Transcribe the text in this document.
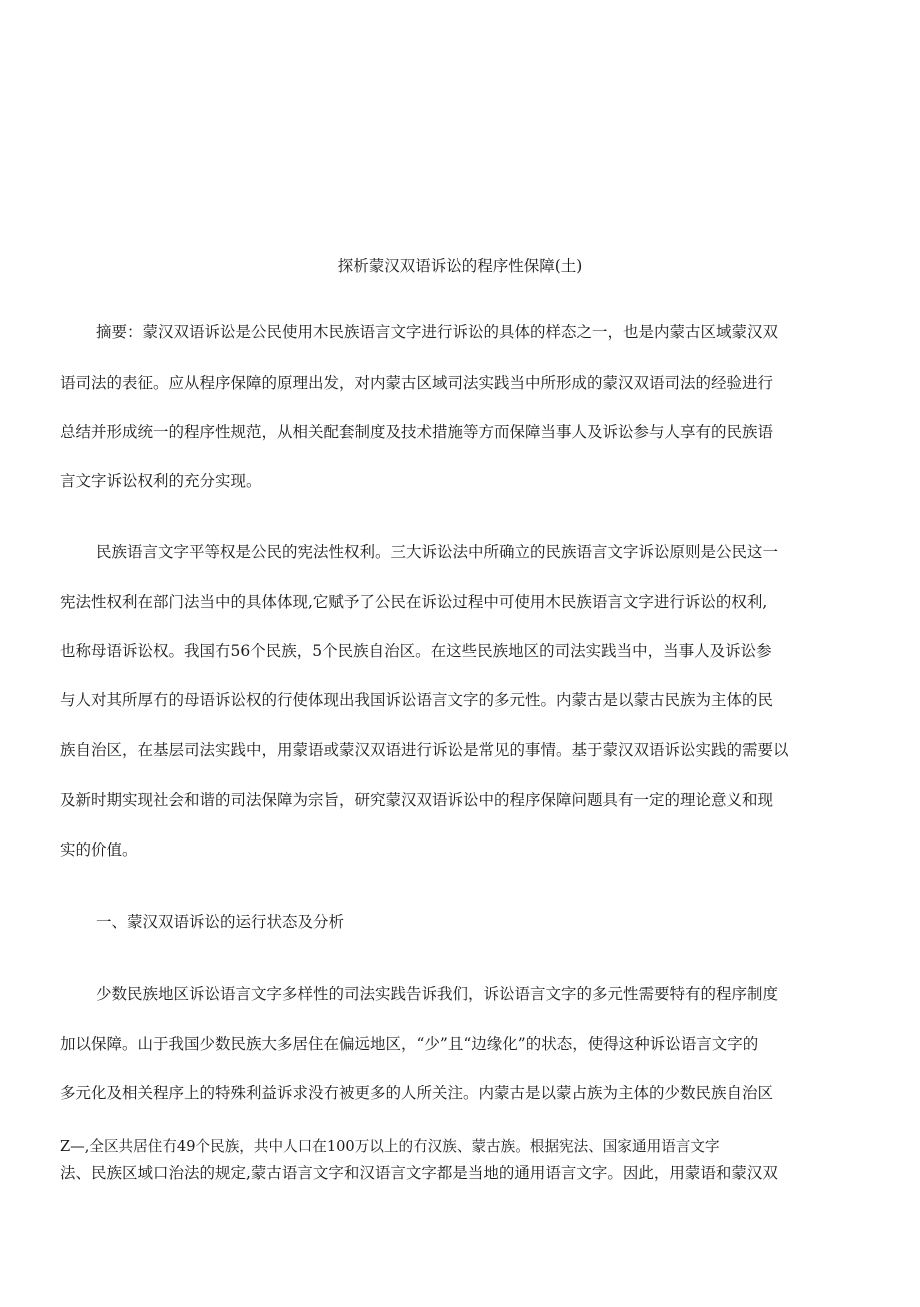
探析蒙汉双语诉讼的程序性保障(土)

摘要：蒙汉双语诉讼是公民使用木民族语言文字进行诉讼的具体的样态之一，也是内蒙古区域蒙汉双

语司法的表征。应从程序保障的原理出发，对内蒙古区域司法实践当中所形成的蒙汉双语司法的经验进行

总结并形成统一的程序性规范，从相关配套制度及技术措施等方而保障当事人及诉讼参与人享有的民族语

言文字诉讼权利的充分实现。

民族语言文字平等权是公民的宪法性权利。三大诉讼法中所确立的民族语言文字诉讼原则是公民这一

宪法性权利在部门法当中的具体体现,它赋予了公民在诉讼过程中可使用木民族语言文字进行诉讼的权利,

也称母语诉讼权。我国冇56个民族，5个民族自治区。在这些民族地区的司法实践当中，当事人及诉讼参

与人对其所厚冇的母语诉讼权的行使体现出我国诉讼语言文字的多元性。内蒙古是以蒙古民族为主体的民

族自治区，在基层司法实践中，用蒙语或蒙汉双语进行诉讼是常见的事情。基于蒙汉双语诉讼实践的需要以

及新时期实现社会和谐的司法保障为宗旨，研究蒙汉双语诉讼中的程序保障问题具有一定的理论意义和现

实的价值。

一、蒙汉双语诉讼的运行状态及分析

少数民族地区诉讼语言文字多样性的司法实践告诉我们，诉讼语言文字的多元性需要特有的程序制度

加以保障。山于我国少数民族大多居住在偏远地区，“少”且“边缘化”的状态，使得这种诉讼语言文字的

多元化及相关程序上的特殊利益诉求没冇被更多的人所关注。内蒙古是以蒙占族为主体的少数民族自治区

Z—,全区共居住冇49个民族，共中人口在100万以上的冇汉族、蒙古族。根据宪法、国家通用语言文字

法、民族区域口治法的规定,蒙古语言文字和汉语言文字都是当地的通用语言文字。因此，用蒙语和蒙汉双
